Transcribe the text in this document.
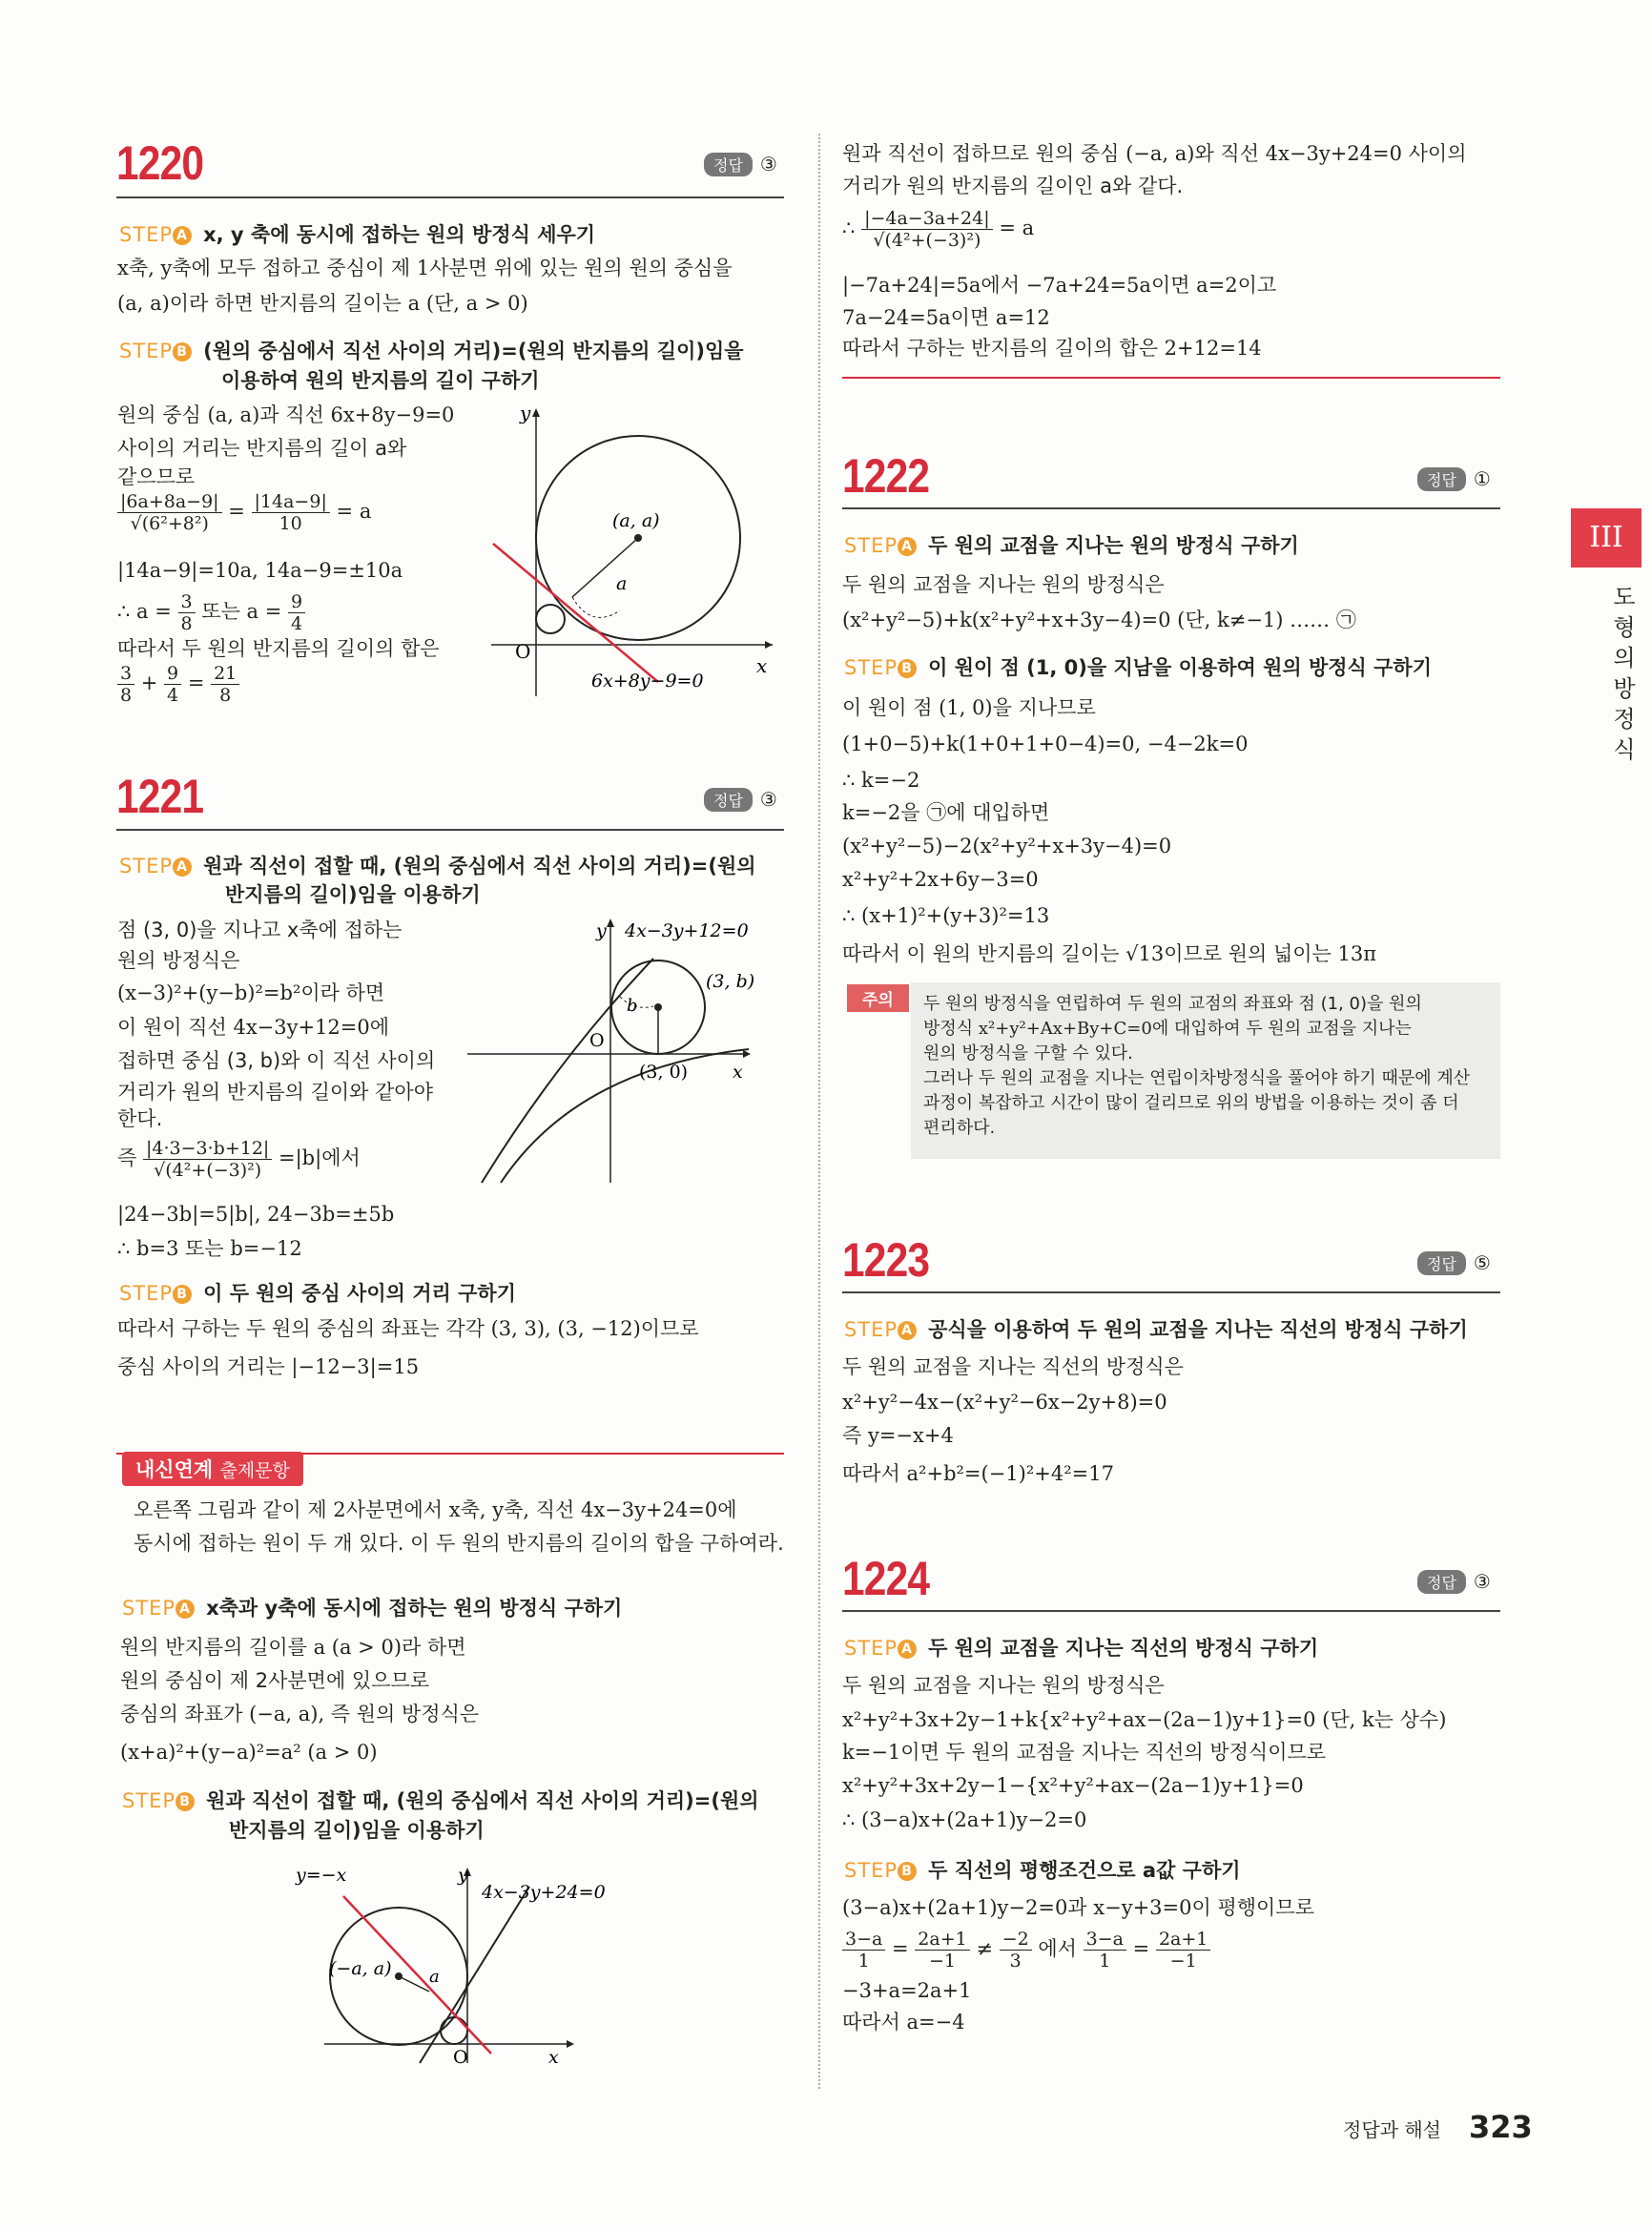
III
도형의 방정식
1220	정답 ③
STEP A x, y 축에 동시에 접하는 원의 방정식 세우기
x축, y축에 모두 접하고 중심이 제 1사분면 위에 있는 원의 원의 중심을
(a, a)이라 하면 반지름의 길이는 a (단, a > 0)
STEP B (원의 중심에서 직선 사이의 거리)=(원의 반지름의 길이)임을
이용하여 원의 반지름의 길이 구하기
원의 중심 (a, a)과 직선 6x+8y−9=0
사이의 거리는 반지름의 길이 a와
같으므로
$\frac{|6a+8a-9|}{\text{√(6²+8²)}} = \frac{|14a-9|}{10} = a$
|14a−9|=10a, 14a−9=±10a
∴ $a = \frac{3}{8}$ 또는 $a = \frac{9}{4}$
따라서 두 원의 반지름의 길이의 합은
$\frac{3}{8} + \frac{9}{4} = \frac{21}{8}$
y
x
O
(a, a)
a
6x+8y−9=0
1221	정답 ③
STEP A 원과 직선이 접할 때, (원의 중심에서 직선 사이의 거리)=(원의
반지름의 길이)임을 이용하기
점 (3, 0)을 지나고 x축에 접하는
원의 방정식은
(x−3)²+(y−b)²=b²이라 하면
이 원이 직선 4x−3y+12=0에
접하면 중심 (3, b)와 이 직선 사이의
거리가 원의 반지름의 길이와 같아야
한다.
즉 $\frac{|4\cdot 3-3\cdot b+12|}{\text{√(4²+(−3)²)}} =|b|$에서
|24−3b|=5|b|, 24−3b=±5b
∴ b=3 또는 b=−12
STEP B 이 두 원의 중심 사이의 거리 구하기
따라서 구하는 두 원의 중심의 좌표는 각각 (3, 3), (3, −12)이므로
중심 사이의 거리는 |−12−3|=15
4x−3y+12=0
y
(3, b)
b
O
(3, 0) x
내신연계 출제문항
오른쪽 그림과 같이 제 2사분면에서 x축, y축, 직선 4x−3y+24=0에
동시에 접하는 원이 두 개 있다. 이 두 원의 반지름의 길이의 합을 구하여라.
STEP A x축과 y축에 동시에 접하는 원의 방정식 구하기
원의 반지름의 길이를 a (a > 0)라 하면
원의 중심이 제 2사분면에 있으므로
중심의 좌표가 (−a, a), 즉 원의 방정식은
(x+a)²+(y−a)²=a² (a > 0)
STEP B 원과 직선이 접할 때, (원의 중심에서 직선 사이의 거리)=(원의
반지름의 길이)임을 이용하기
y=−x	y
4x−3y+24=0
(−a, a) a
O	x
원과 직선이 접하므로 원의 중심 (−a, a)와 직선 4x−3y+24=0 사이의
거리가 원의 반지름의 길이인 a와 같다.
∴ $\frac{|-4a-3a+24|}{\text{√(4²+(−3)²)}} = a$
|−7a+24|=5a에서 −7a+24=5a이면 a=2이고
7a−24=5a이면 a=12
따라서 구하는 반지름의 길이의 합은 2+12=14
1222	정답 ①
STEP A 두 원의 교점을 지나는 원의 방정식 구하기
두 원의 교점을 지나는 원의 방정식은
(x²+y²−5)+k(x²+y²+x+3y−4)=0 (단, k≠−1) …… ㉠
STEP B 이 원이 점 (1, 0)을 지남을 이용하여 원의 방정식 구하기
이 원이 점 (1, 0)을 지나므로
(1+0−5)+k(1+0+1+0−4)=0, −4−2k=0
∴ k=−2
k=−2을 ㉠에 대입하면
(x²+y²−5)−2(x²+y²+x+3y−4)=0
x²+y²+2x+6y−3=0
∴ (x+1)²+(y+3)²=13
따라서 이 원의 반지름의 길이는 √13이므로 원의 넓이는 13π
주의	두 원의 방정식을 연립하여 두 원의 교점의 좌표와 점 (1, 0)을 원의
방정식 x²+y²+Ax+By+C=0에 대입하여 두 원의 교점을 지나는
원의 방정식을 구할 수 있다.
그러나 두 원의 교점을 지나는 연립이차방정식을 풀어야 하기 때문에 계산
과정이 복잡하고 시간이 많이 걸리므로 위의 방법을 이용하는 것이 좀 더
편리하다.
1223	정답 ⑤
STEP A 공식을 이용하여 두 원의 교점을 지나는 직선의 방정식 구하기
두 원의 교점을 지나는 직선의 방정식은
x²+y²−4x−(x²+y²−6x−2y+8)=0
즉 y=−x+4
따라서 a²+b²=(−1)²+4²=17
1224	정답 ③
STEP A 두 원의 교점을 지나는 직선의 방정식 구하기
두 원의 교점을 지나는 원의 방정식은
x²+y²+3x+2y−1+k{x²+y²+ax−(2a−1)y+1}=0 (단, k는 상수)
k=−1이면 두 원의 교점을 지나는 직선의 방정식이므로
x²+y²+3x+2y−1−{x²+y²+ax−(2a−1)y+1}=0
∴ (3−a)x+(2a+1)y−2=0
STEP B 두 직선의 평행조건으로 a값 구하기
(3−a)x+(2a+1)y−2=0과 x−y+3=0이 평행이므로
$\frac{3-a}{1} = \frac{2a+1}{-1} \ne \frac{-2}{3}$ 에서 $\frac{3-a}{1} = \frac{2a+1}{-1}$
−3+a=2a+1
따라서 a=−4
정답과 해설 323
